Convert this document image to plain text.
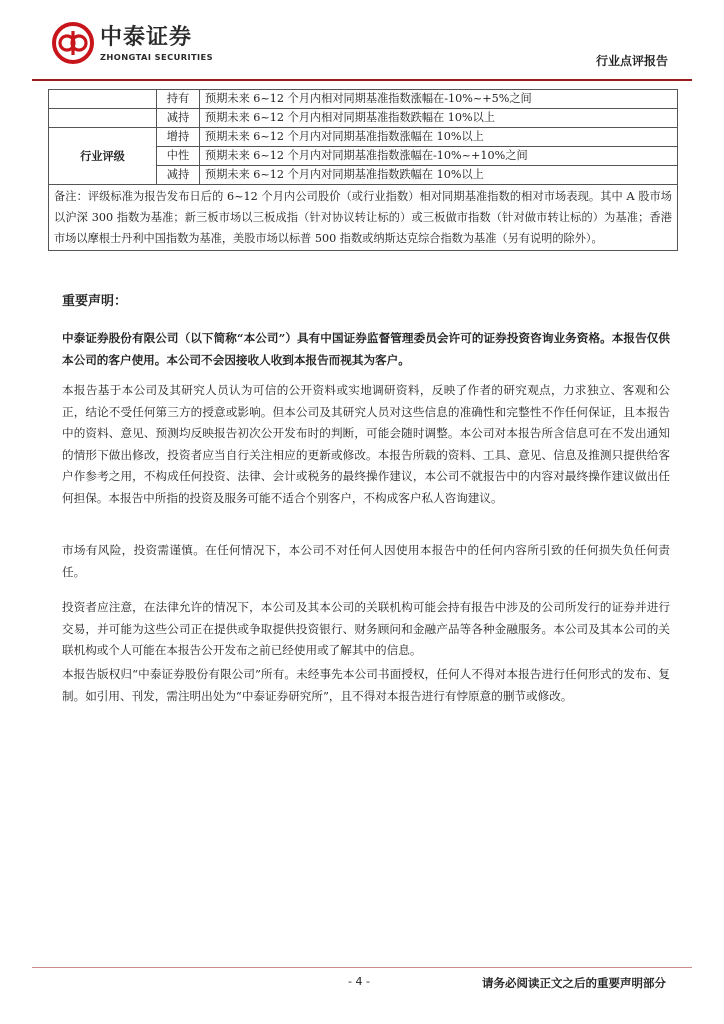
中泰证券
ZHONGTAI SECURITIES	行业点评报告
	持有	预期未来 6~12 个月内相对同期基准指数涨幅在-10%~+5%之间
	减持	预期未来 6~12 个月内相对同期基准指数跌幅在 10%以上
行业评级	增持	预期未来 6~12 个月内对同期基准指数涨幅在 10%以上
	中性	预期未来 6~12 个月内对同期基准指数涨幅在-10%~+10%之间
	减持	预期未来 6~12 个月内对同期基准指数跌幅在 10%以上
备注：评级标准为报告发布日后的 6~12 个月内公司股价（或行业指数）相对同期基准指数的相对市场表现。其中 A 股市场以沪深 300 指数为基准；新三板市场以三板成指（针对协议转让标的）或三板做市指数（针对做市转让标的）为基准；香港市场以摩根士丹利中国指数为基准，美股市场以标普 500 指数或纳斯达克综合指数为基准（另有说明的除外）。		
重要声明：

中泰证券股份有限公司（以下简称“本公司”）具有中国证券监督管理委员会许可的证券投资咨询业务资格。本报告仅供本公司的客户使用。本公司不会因接收人收到本报告而视其为客户。

本报告基于本公司及其研究人员认为可信的公开资料或实地调研资料，反映了作者的研究观点，力求独立、客观和公正，结论不受任何第三方的授意或影响。但本公司及其研究人员对这些信息的准确性和完整性不作任何保证，且本报告中的资料、意见、预测均反映报告初次公开发布时的判断，可能会随时调整。本公司对本报告所含信息可在不发出通知的情形下做出修改，投资者应当自行关注相应的更新或修改。本报告所载的资料、工具、意见、信息及推测只提供给客户作参考之用，不构成任何投资、法律、会计或税务的最终操作建议，本公司不就报告中的内容对最终操作建议做出任何担保。本报告中所指的投资及服务可能不适合个别客户，不构成客户私人咨询建议。

市场有风险，投资需谨慎。在任何情况下，本公司不对任何人因使用本报告中的任何内容所引致的任何损失负任何责任。

投资者应注意，在法律允许的情况下，本公司及其本公司的关联机构可能会持有报告中涉及的公司所发行的证券并进行交易，并可能为这些公司正在提供或争取提供投资银行、财务顾问和金融产品等各种金融服务。本公司及其本公司的关联机构或个人可能在本报告公开发布之前已经使用或了解其中的信息。

本报告版权归“中泰证券股份有限公司”所有。未经事先本公司书面授权，任何人不得对本报告进行任何形式的发布、复制。如引用、刊发，需注明出处为“中泰证券研究所”，且不得对本报告进行有悖原意的删节或修改。

- 4 -	请务必阅读正文之后的重要声明部分
